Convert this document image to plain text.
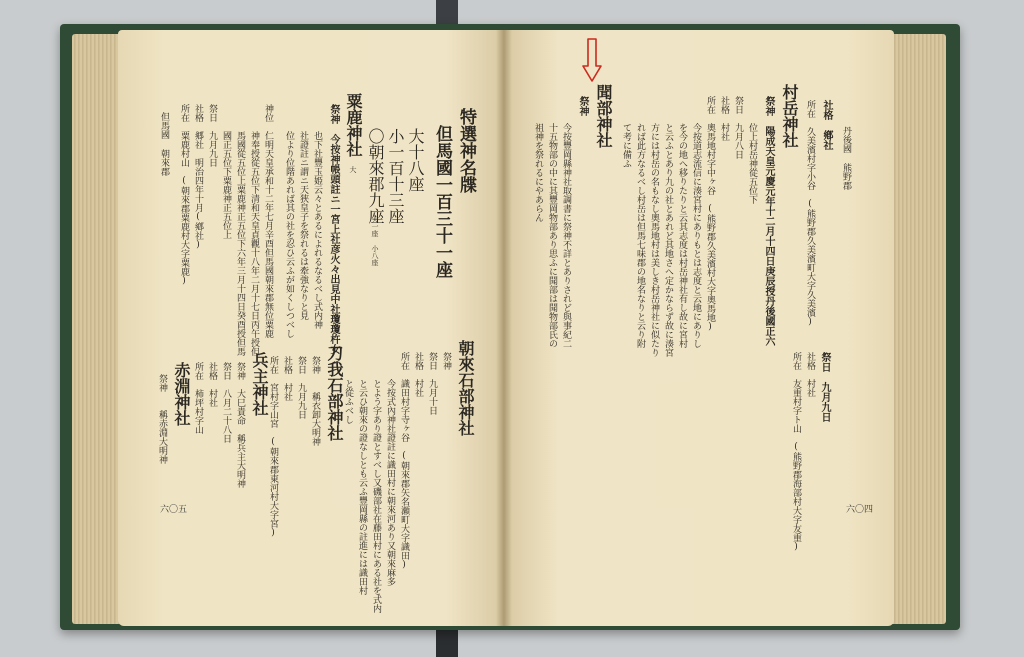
但馬國 朝來郡	特選神名牒
但馬國一百三十一座
大十八座
小一百十三座
〇朝來郡九座
大一座 小八座
粟鹿神社
大
祭神　今按神帳頭註ニ一宮上社彦火々出見中社瓊瓊杵女
　　　也下社豐玉姫云々とあるによれるなるべし式内神
　　　社證註ニ謂ニ天狹皇子を祭れるは牽強なりと見
　　　位より位階あれば其の社を忍ひ云ふが如くしつべし
神位　仁明天皇承和十二年七月辛酉但馬國朝來郡無位粟鹿
　　　神奉授從五位下清和天皇貞觀十八年二月十七日丙午授但
　　　馬國從五位上粟鹿神正五位下六年三月十四日癸酉授但馬
　　　國正五位下粟鹿神正五位上
祭日　九月九日
社格　郷社　明治四年十月(鄕社)
所在　粟鹿村山　(朝來郡粟鹿村大字粟鹿)
朝來石部神社
祭神
祭日　九月十日
社格　村社
所在　識田村字寺ヶ谷　(朝來郡矢名瀬町大字識田)
　　　今按式內神社證註に識田村に朝來河あり又朝來麻多
　　　とよう字あり證とすべし又磯部社在藤田村にある社を式内
　　　と云ひ朝來の證なしとも云ふ豐岡縣の註進には識田村
　　　と從ふべし
刀我石部神社
祭神　　稱衣卸大明神
祭日　九月九日
社格　村社
所在　宮村字山宮　(朝來郡東河村大字宮)
兵主神社
祭神　大巳貴命　稱兵主大明神
祭日　八月二十八日
社格　村社
所在　柿坪村字山
赤淵神社
祭神　　稱赤淵大明神
六〇五
丹後國 熊野郡
社格　鄕社
所在　久美濱村字小谷　(熊野郡久美濱町大字久美濱)
村岳神社
祭神　陽成天皇元慶元年十二月十四日庚辰授丹後國正六
　　　位上村岳神從五位下
祭日　九月八日
社格　村社
所在　奧馬地村字中ヶ谷　(熊野郡久美濱村大字奧馬地)
　　　今按道志流信に湊宮村にありもとは志度と云地にありし
　　　を今の地へ移りたりと云其志度は村岳神社有し故に宮村
　　　と云ふとあり九の社とあれど其地さへ定かならず故に湊宮
　　　方には村岳の名もなし奧馬地村は美しき村岳神社に似たり
　　　れば此方なるべし村岳は但馬七味郡の地名なりと云り附
　　　て考に備ふ
聞部神社
祭神
　　　今按豐岡縣神社取調書に祭神不詳とありされど與事紀二
　　　十五物部の中に其豐岡物部あり思ふに聞部は聞物部氏の
　　　祖神を祭れるにやあらん
祭日　九月九日
社格　村社
所在　友重村字ト山　(熊野郡海部村大字友重)	六〇四
